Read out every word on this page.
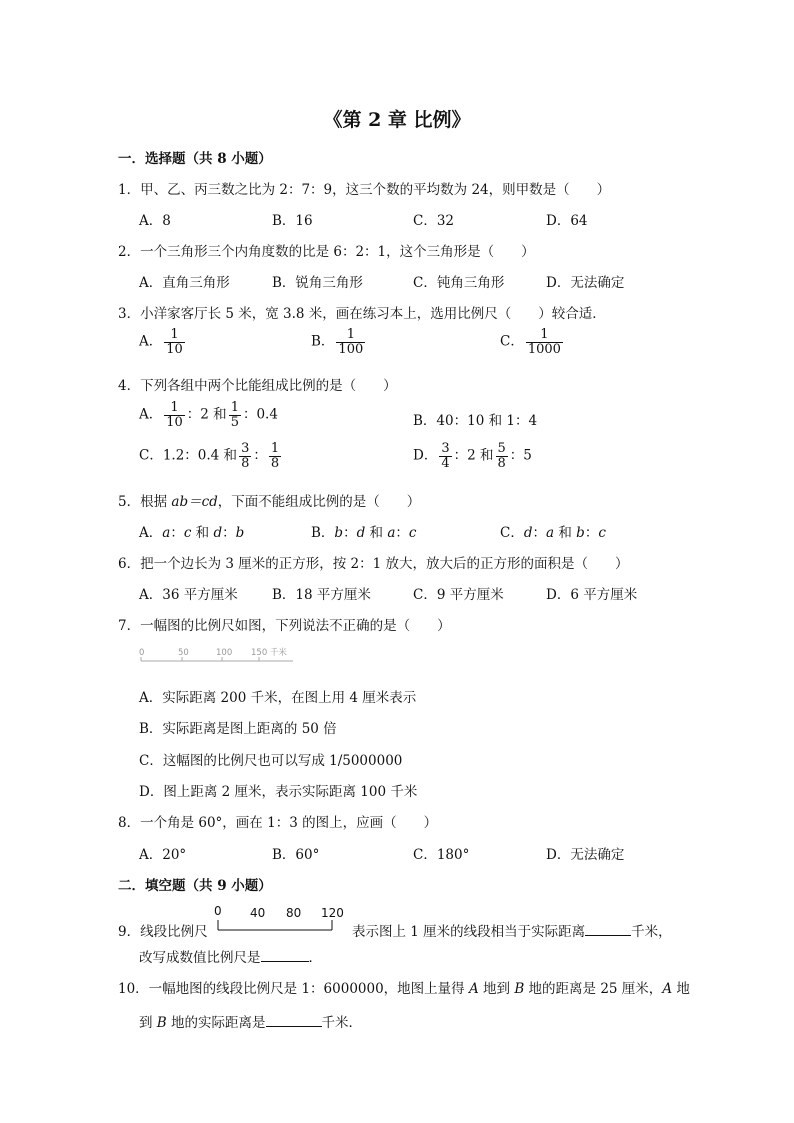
《第 2 章 比例》
一．选择题（共 8 小题）
1．甲、乙、丙三数之比为 2：7：9，这三个数的平均数为 24，则甲数是（　　）
A．8	B．16	C．32	D．64
2．一个三角形三个内角度数的比是 6：2：1，这个三角形是（　　）
A．直角三角形	B．锐角三角形	C．钝角三角形	D．无法确定
3．小洋家客厅长 5 米，宽 3.8 米，画在练习本上，选用比例尺（　　）较合适．
A． $\frac{1}{10}$	B． $\frac{1}{100}$	C． $\frac{1}{1000}$
4．下列各组中两个比能组成比例的是（　　）
A． $\frac{1}{10}$ ：2 和 $\frac{1}{5}$ ：0.4	B．40：10 和 1：4
C．1.2：0.4 和 $\frac{3}{8}$ ： $\frac{1}{8}$	D． $\frac{3}{4}$ ：2 和 $\frac{5}{8}$ ：5
5．根据 ab＝cd，下面不能组成比例的是（　　）
A．a：c 和 d：b	B．b：d 和 a：c	C．d：a 和 b：c
6．把一个边长为 3 厘米的正方形，按 2：1 放大，放大后的正方形的面积是（　　）
A．36 平方厘米	B．18 平方厘米	C．9 平方厘米	D．6 平方厘米
7．一幅图的比例尺如图，下列说法不正确的是（　　）
0	50	100 150 千米
A．实际距离 200 千米，在图上用 4 厘米表示
B．实际距离是图上距离的 50 倍
C．这幅图的比例尺也可以写成 1/5000000
D．图上距离 2 厘米，表示实际距离 100 千米
8．一个角是 60°，画在 1：3 的图上，应画（　　）
A．20°	B．60°	C．180°	D．无法确定
二．填空题（共 9 小题）
9．线段比例尺
0 40 80 120
表示图上 1 厘米的线段相当于实际距离	千米，
改写成数值比例尺是	．
10．一幅地图的线段比例尺是 1：6000000，地图上量得 A 地到 B 地的距离是 25 厘米，A 地
到 B 地的实际距离是	千米．
